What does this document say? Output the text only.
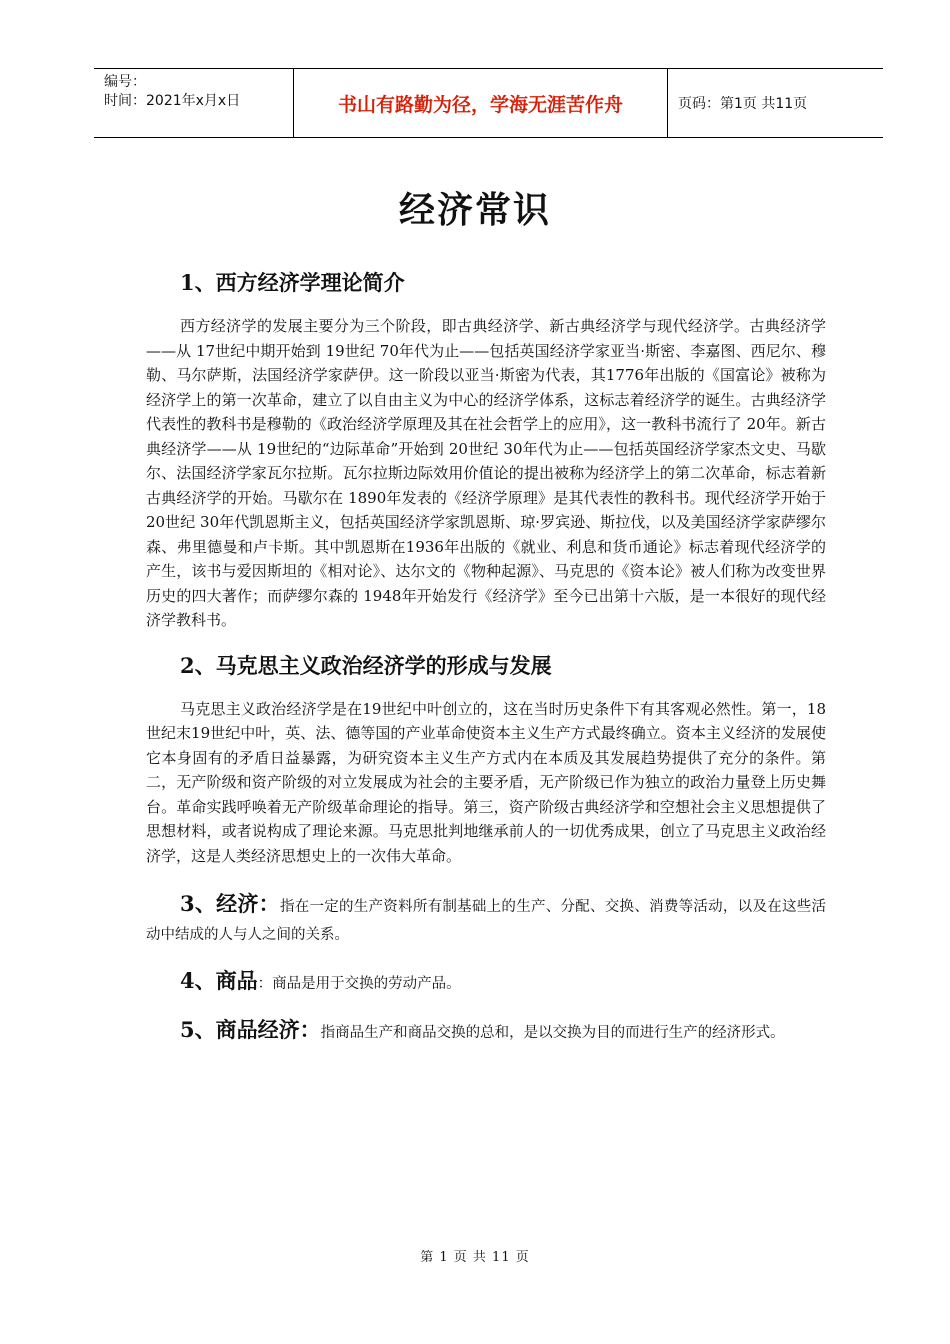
编号：
时间：2021年x月x日	书山有路勤为径，学海无涯苦作舟	页码：第1页 共11页
经济常识
1、西方经济学理论简介

西方经济学的发展主要分为三个阶段，即古典经济学、新古典经济学与现代经济学。古典经济学——从 17世纪中期开始到 19世纪 70年代为止——包括英国经济学家亚当·斯密、李嘉图、西尼尔、穆勒、马尔萨斯，法国经济学家萨伊。这一阶段以亚当·斯密为代表，其1776年出版的《国富论》被称为经济学上的第一次革命，建立了以自由主义为中心的经济学体系，这标志着经济学的诞生。古典经济学代表性的教科书是穆勒的《政治经济学原理及其在社会哲学上的应用》，这一教科书流行了 20年。新古典经济学——从 19世纪的“边际革命”开始到 20世纪 30年代为止——包括英国经济学家杰文史、马歇尔、法国经济学家瓦尔拉斯。瓦尔拉斯边际效用价值论的提出被称为经济学上的第二次革命，标志着新古典经济学的开始。马歇尔在 1890年发表的《经济学原理》是其代表性的教科书。现代经济学开始于20世纪 30年代凯恩斯主义，包括英国经济学家凯恩斯、琼·罗宾逊、斯拉伐，以及美国经济学家萨缪尔森、弗里德曼和卢卡斯。其中凯恩斯在1936年出版的《就业、利息和货币通论》标志着现代经济学的产生，该书与爱因斯坦的《相对论》、达尔文的《物种起源》、马克思的《资本论》被人们称为改变世界历史的四大著作；而萨缪尔森的 1948年开始发行《经济学》至今已出第十六版，是一本很好的现代经济学教科书。

2、马克思主义政治经济学的形成与发展

马克思主义政治经济学是在19世纪中叶创立的，这在当时历史条件下有其客观必然性。第一，18世纪末19世纪中叶，英、法、德等国的产业革命使资本主义生产方式最终确立。资本主义经济的发展使它本身固有的矛盾日益暴露，为研究资本主义生产方式内在本质及其发展趋势提供了充分的条件。第二，无产阶级和资产阶级的对立发展成为社会的主要矛盾，无产阶级已作为独立的政治力量登上历史舞台。革命实践呼唤着无产阶级革命理论的指导。第三，资产阶级古典经济学和空想社会主义思想提供了思想材料，或者说构成了理论来源。马克思批判地继承前人的一切优秀成果，创立了马克思主义政治经济学，这是人类经济思想史上的一次伟大革命。

3、经济：指在一定的生产资料所有制基础上的生产、分配、交换、消费等活动，以及在这些活动中结成的人与人之间的关系。

4、商品：商品是用于交换的劳动产品。

5、商品经济：指商品生产和商品交换的总和，是以交换为目的而进行生产的经济形式。

第 1 页 共 11 页
